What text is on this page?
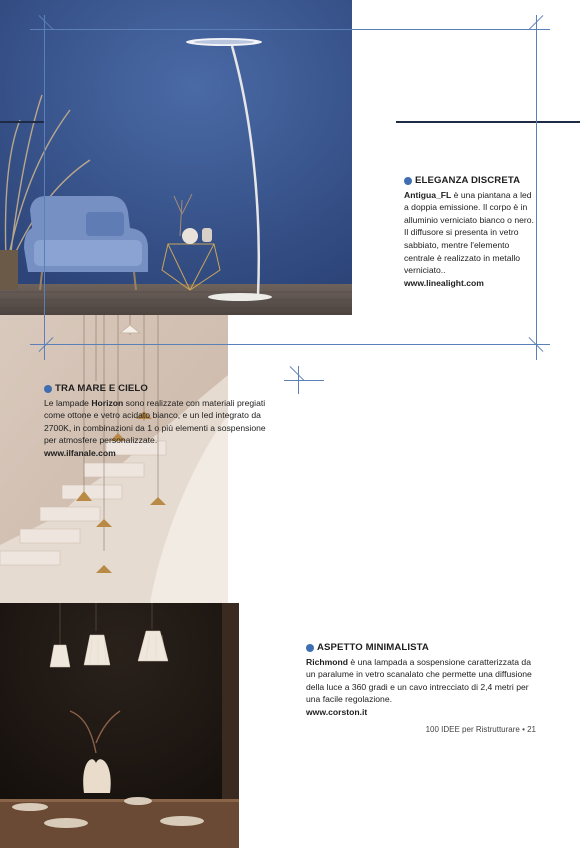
ELEGANZA DISCRETA

Antigua_FL è una piantana a led a doppia emissione. Il corpo è in alluminio verniciato bianco o nero. Il diffusore si presenta in vetro sabbiato, mentre l'elemento centrale è realizzato in metallo verniciato..

www.linealight.com
TRA MARE E CIELO

Le lampade Horizon sono realizzate con materiali pregiati come ottone e vetro acidato bianco, e un led integrato da 2700K, in combinazioni da 1 o più elementi a sospensione per atmosfere personalizzate.

www.ilfanale.com
ASPETTO MINIMALISTA

Richmond è una lampada a sospensione caratterizzata da un paralume in vetro scanalato che permette una diffusione della luce a 360 gradi e un cavo intrecciato di 2,4 metri per una facile regolazione.

www.corston.it
100 IDEE per Ristrutturare • 21
